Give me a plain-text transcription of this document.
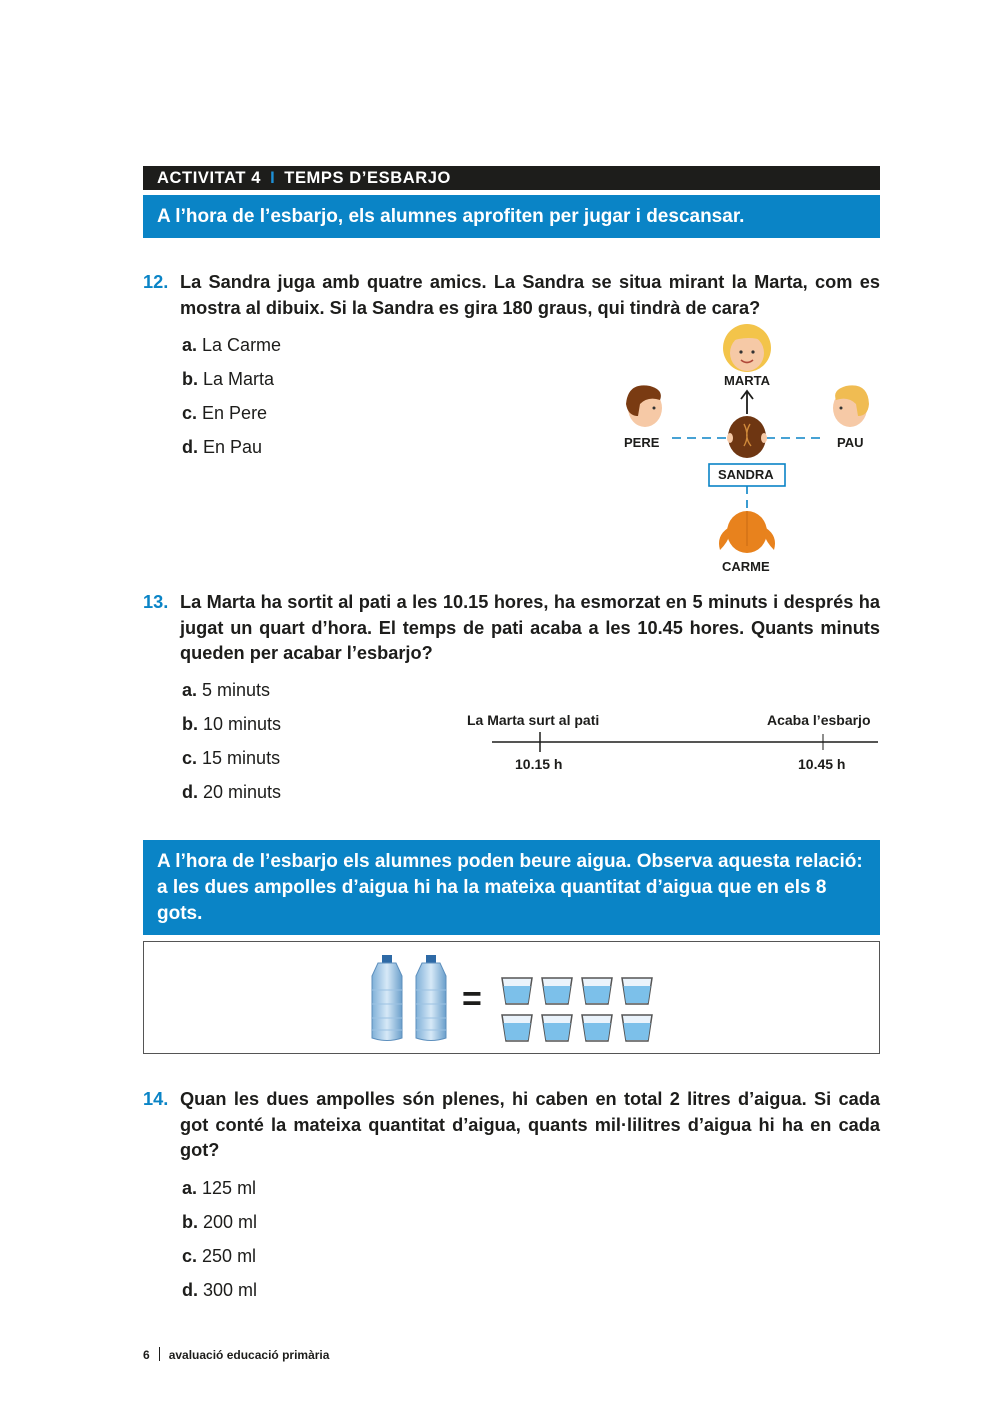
ACTIVITAT 4 I TEMPS D’ESBARJO
A l’hora de l’esbarjo, els alumnes aprofiten per jugar i descansar.
12. La Sandra juga amb quatre amics. La Sandra se situa mirant la Marta, com es mostra al dibuix. Si la Sandra es gira 180 graus, qui tindrà de cara?
a. La Carme
b. La Marta
c. En Pere
d. En Pau
MARTA
PERE	PAU
SANDRA
CARME
13. La Marta ha sortit al pati a les 10.15 hores, ha esmorzat en 5 minuts i després ha jugat un quart d’hora. El temps de pati acaba a les 10.45 hores. Quants minuts queden per acabar l’esbarjo?
a. 5 minuts
b. 10 minuts
c. 15 minuts
d. 20 minuts
La Marta surt al pati	Acaba l’esbarjo
10.15 h	10.45 h
A l’hora de l’esbarjo els alumnes poden beure aigua. Observa aquesta relació: a les dues ampolles d’aigua hi ha la mateixa quantitat d’aigua que en els 8 gots.
=
14. Quan les dues ampolles són plenes, hi caben en total 2 litres d’aigua. Si cada got conté la mateixa quantitat d’aigua, quants mil·lilitres d’aigua hi ha en cada got?
a. 125 ml
b. 200 ml
c. 250 ml
d. 300 ml
6 avaluació educació primària
